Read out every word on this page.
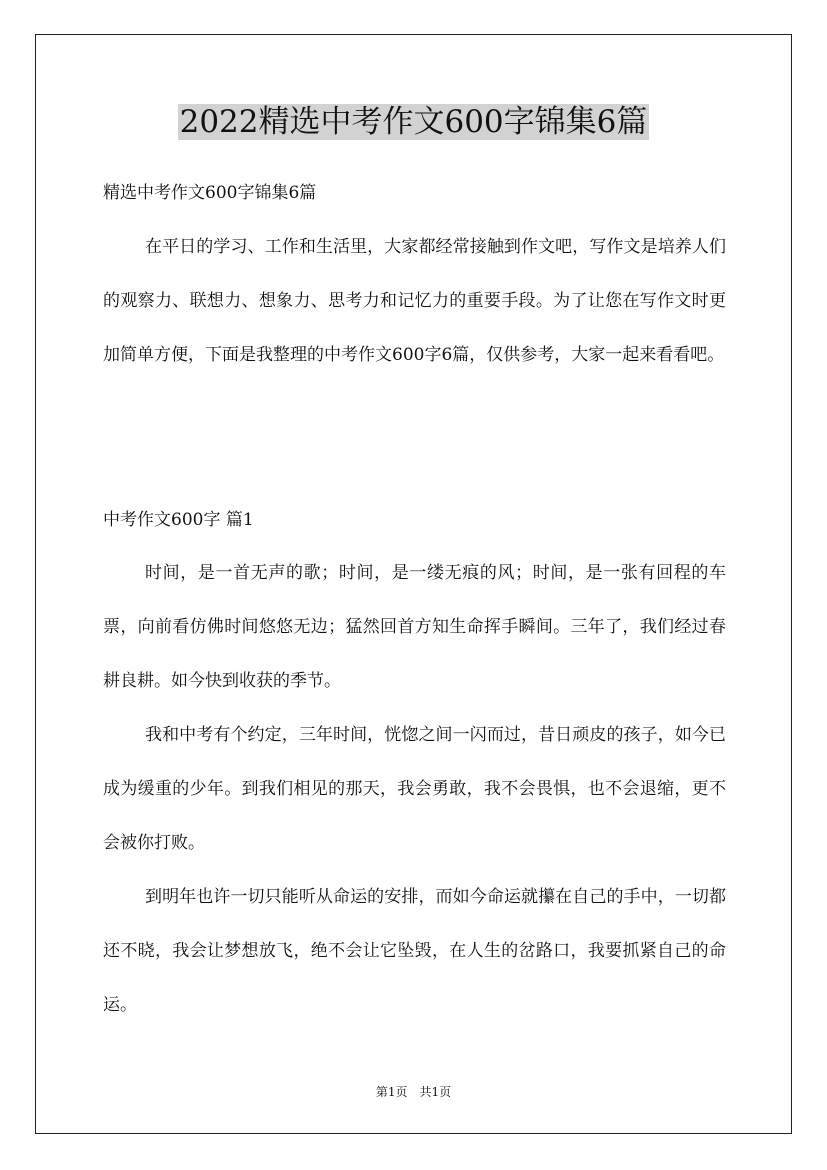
2022精选中考作文600字锦集6篇
精选中考作文600字锦集6篇

在平日的学习、工作和生活里，大家都经常接触到作文吧，写作文是培养人们的观察力、联想力、想象力、思考力和记忆力的重要手段。为了让您在写作文时更加简单方便，下面是我整理的中考作文600字6篇，仅供参考，大家一起来看看吧。

中考作文600字 篇1

时间，是一首无声的歌；时间，是一缕无痕的风；时间，是一张有回程的车票，向前看仿佛时间悠悠无边；猛然回首方知生命挥手瞬间。三年了，我们经过春耕良耕。如今快到收获的季节。

我和中考有个约定，三年时间，恍惚之间一闪而过，昔日顽皮的孩子，如今已成为缓重的少年。到我们相见的那天，我会勇敢，我不会畏惧，也不会退缩，更不会被你打败。

到明年也许一切只能听从命运的安排，而如今命运就攥在自己的手中，一切都还不晓，我会让梦想放飞，绝不会让它坠毁，在人生的岔路口，我要抓紧自己的命运。

第1页　共1页
